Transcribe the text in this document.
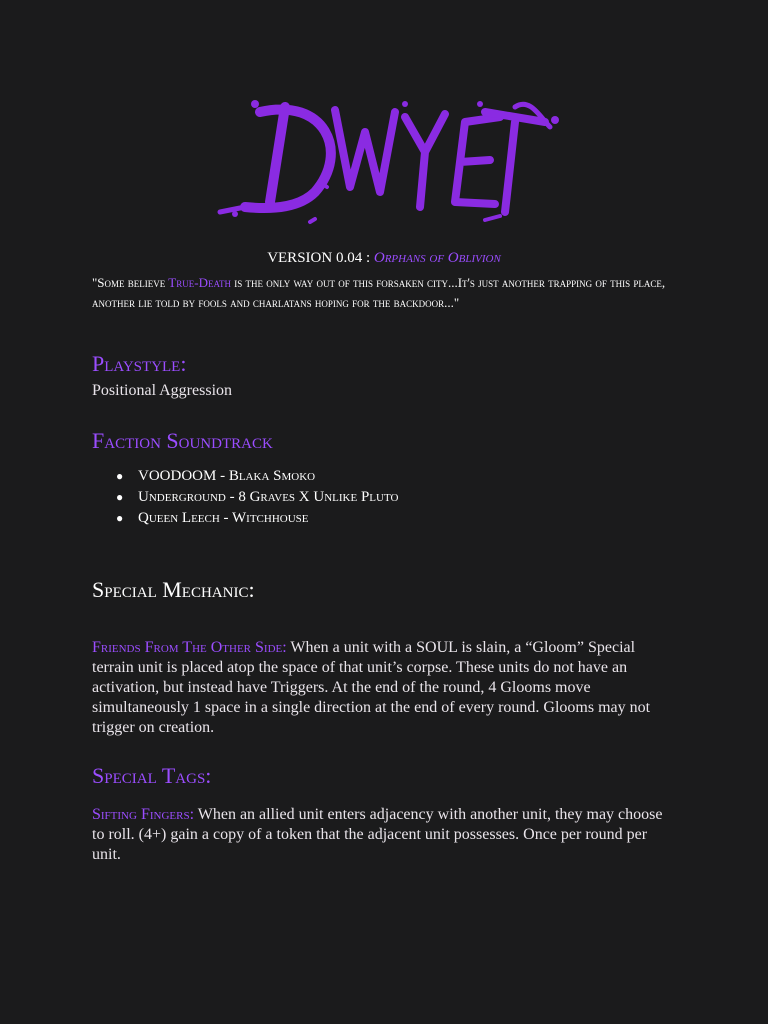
VERSION 0.04 : Orphans of Oblivion
"Some believe True-Death is the only way out of this forsaken city...It's just another trapping of this place, another lie told by fools and charlatans hoping for the backdoor..."
Playstyle:

Positional Aggression

Faction Soundtrack
● VOODOOM - Blaka Smoko
● Underground - 8 Graves X Unlike Pluto
● Queen Leech - Witchhouse
Special Mechanic:

Friends From The Other Side: When a unit with a SOUL is slain, a “Gloom” Special terrain unit is placed atop the space of that unit’s corpse. These units do not have an activation, but instead have Triggers. At the end of the round, 4 Glooms move simultaneously 1 space in a single direction at the end of every round. Glooms may not trigger on creation.

Special Tags:

Sifting Fingers: When an allied unit enters adjacency with another unit, they may choose to roll. (4+) gain a copy of a token that the adjacent unit possesses. Once per round per unit.
